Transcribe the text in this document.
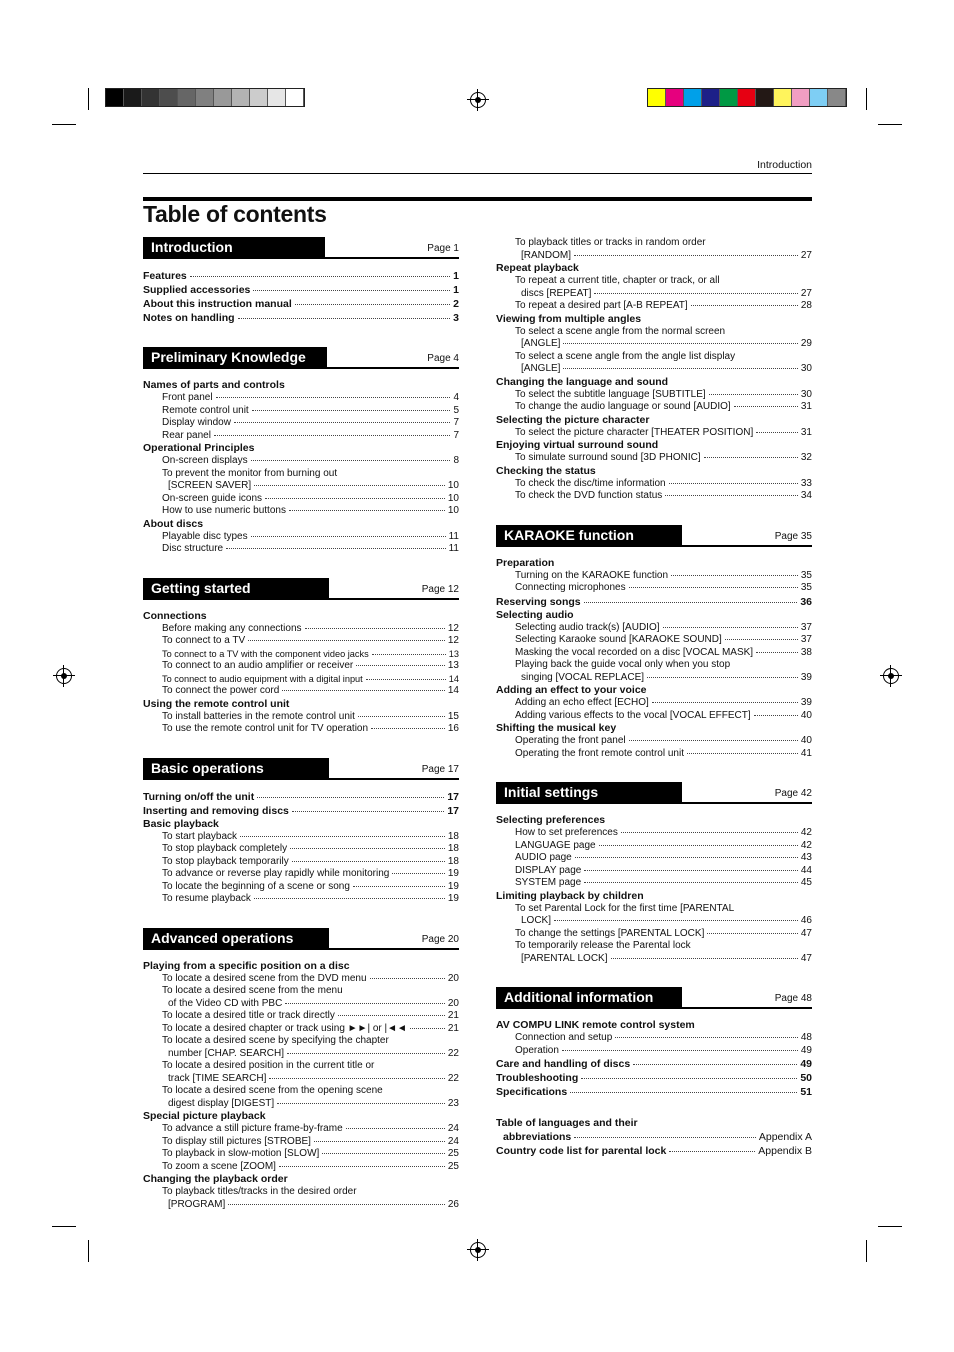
Introduction
Table of contents
Introduction	Page 1
Features	1
Supplied accessories	1
About this instruction manual	2
Notes on handling	3
Preliminary Knowledge	Page 4
Names of parts and controls
Front panel	4
Remote control unit	5
Display window	7
Rear panel	7
Operational Principles
On-screen displays	8
To prevent the monitor from burning out
[SCREEN SAVER]	10
On-screen guide icons	10
How to use numeric buttons	10
About discs
Playable disc types	11
Disc structure	11
Getting started	Page 12
Connections
Before making any connections	12
To connect to a TV	12
To connect to a TV with the component video jacks	13
To connect to an audio amplifier or receiver	13
To connect to audio equipment with a digital input	14
To connect the power cord	14
Using the remote control unit
To install batteries in the remote control unit	15
To use the remote control unit for TV operation	16
Basic operations	Page 17
Turning on/off the unit	17
Inserting and removing discs	17
Basic playback
To start playback	18
To stop playback completely	18
To stop playback temporarily	18
To advance or reverse play rapidly while monitoring	19
To locate the beginning of a scene or song	19
To resume playback	19
Advanced operations	Page 20
Playing from a specific position on a disc
To locate a desired scene from the DVD menu	20
To locate a desired scene from the menu
of the Video CD with PBC	20
To locate a desired title or track directly	21
To locate a desired chapter or track using ►►| or |◄◄	21
To locate a desired scene by specifying the chapter
number [CHAP. SEARCH]	22
To locate a desired position in the current title or
track [TIME SEARCH]	22
To locate a desired scene from the opening scene
digest display [DIGEST]	23
Special picture playback
To advance a still picture frame-by-frame	24
To display still pictures [STROBE]	24
To playback in slow-motion [SLOW]	25
To zoom a scene [ZOOM]	25
Changing the playback order
To playback titles/tracks in the desired order
[PROGRAM]	26
To playback titles or tracks in random order
[RANDOM]	27
Repeat playback
To repeat a current title, chapter or track, or all
discs [REPEAT]	27
To repeat a desired part [A-B REPEAT]	28
Viewing from multiple angles
To select a scene angle from the normal screen
[ANGLE]	29
To select a scene angle from the angle list display
[ANGLE]	30
Changing the language and sound
To select the subtitle language [SUBTITLE]	30
To change the audio language or sound [AUDIO]	31
Selecting the picture character
To select the picture character [THEATER POSITION]	31
Enjoying virtual surround sound
To simulate surround sound [3D PHONIC]	32
Checking the status
To check the disc/time information	33
To check the DVD function status	34
KARAOKE function	Page 35
Preparation
Turning on the KARAOKE function	35
Connecting microphones	35
Reserving songs	36
Selecting audio
Selecting audio track(s) [AUDIO]	37
Selecting Karaoke sound [KARAOKE SOUND]	37
Masking the vocal recorded on a disc [VOCAL MASK]	38
Playing back the guide vocal only when you stop
singing [VOCAL REPLACE]	39
Adding an effect to your voice
Adding an echo effect [ECHO]	39
Adding various effects to the vocal [VOCAL EFFECT]	40
Shifting the musical key
Operating the front panel	40
Operating the front remote control unit	41
Initial settings	Page 42
Selecting preferences
How to set preferences	42
LANGUAGE page	42
AUDIO page	43
DISPLAY page	44
SYSTEM page	45
Limiting playback by children
To set Parental Lock for the first time [PARENTAL
LOCK]	46
To change the settings [PARENTAL LOCK]	47
To temporarily release the Parental lock
[PARENTAL LOCK]	47
Additional information	Page 48
AV COMPU LINK remote control system
Connection and setup	48
Operation	49
Care and handling of discs	49
Troubleshooting	50
Specifications	51
Table of languages and their
abbreviations	Appendix A
Country code list for parental lock	Appendix B
